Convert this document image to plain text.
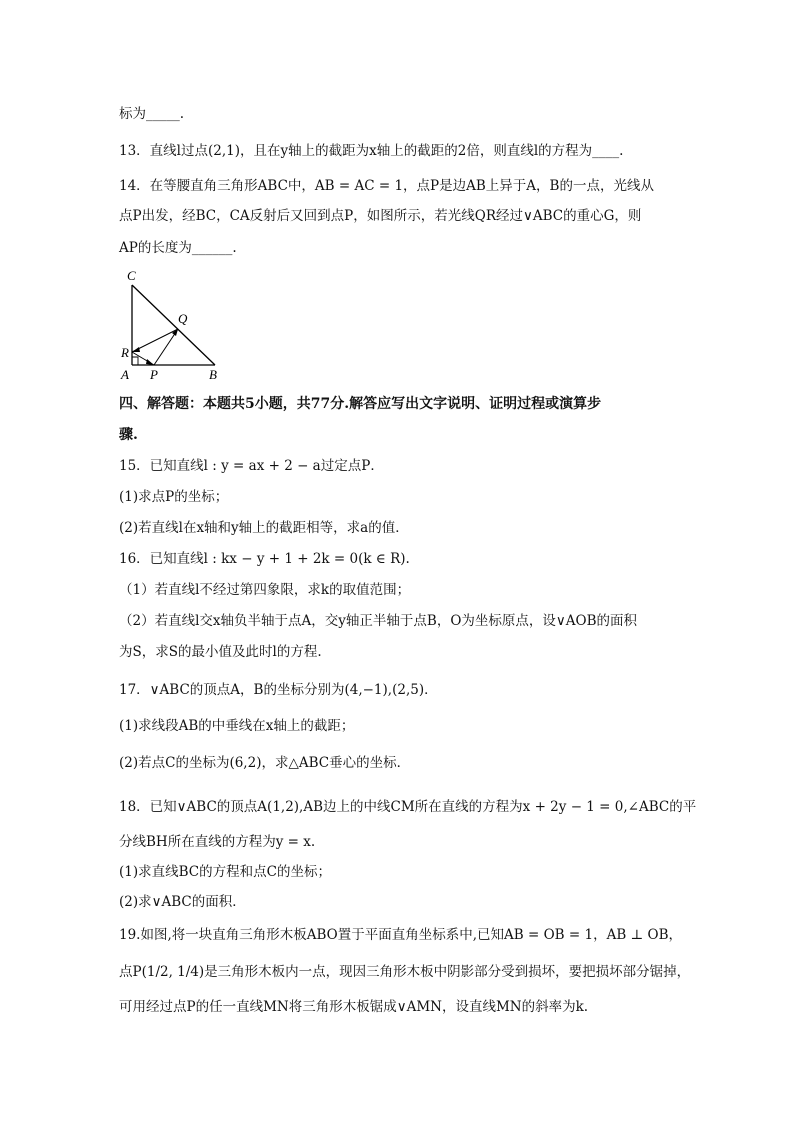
标为_____.
13．直线l过点(2,1)，且在y轴上的截距为x轴上的截距的2倍，则直线l的方程为____.
14．在等腰直角三角形ABC中，AB = AC = 1，点P是边AB上异于A，B的一点，光线从
点P出发，经BC，CA反射后又回到点P，如图所示，若光线QR经过∨ABC的重心G，则
AP的长度为______.
C
Q
R
A P	B
四、解答题：本题共5小题，共77分.解答应写出文字说明、证明过程或演算步
骤.
15．已知直线l : y = ax + 2 − a过定点P．
(1)求点P的坐标；
(2)若直线l在x轴和y轴上的截距相等，求a的值．
16．已知直线l : kx − y + 1 + 2k = 0(k ∈ R).
（1）若直线l不经过第四象限，求k的取值范围；
（2）若直线l交x轴负半轴于点A，交y轴正半轴于点B，O为坐标原点，设∨AOB的面积
为S，求S的最小值及此时l的方程.
17．∨ABC的顶点A，B的坐标分别为(4,−1),(2,5)．
(1)求线段AB的中垂线在x轴上的截距；
(2)若点C的坐标为(6,2)，求△ABC垂心的坐标．
18．已知∨ABC的顶点A(1,2),AB边上的中线CM所在直线的方程为x + 2y − 1 = 0,∠ABC的平
分线BH所在直线的方程为y = x.
(1)求直线BC的方程和点C的坐标；
(2)求∨ABC的面积．
19.如图,将一块直角三角形木板ABO置于平面直角坐标系中,已知AB = OB = 1，AB ⊥ OB，
点P(1/2, 1/4)是三角形木板内一点，现因三角形木板中阴影部分受到损坏，要把损坏部分锯掉，
可用经过点P的任一直线MN将三角形木板锯成∨AMN，设直线MN的斜率为k.
